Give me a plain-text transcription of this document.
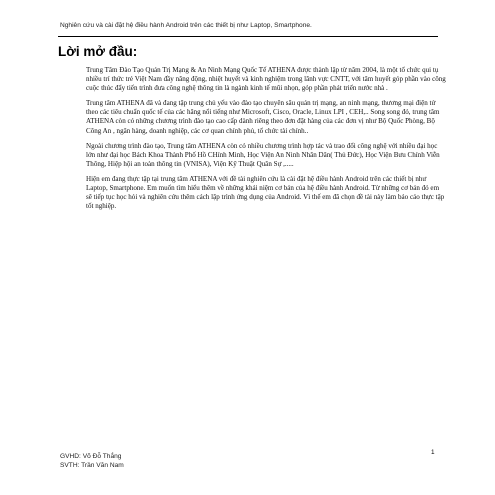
Nghiên cứu và cài đặt hệ điều hành Android trên các thiết bị như Laptop, Smartphone.
Lời mở đầu:

Trung Tâm Đào Tạo Quản Trị Mạng & An Ninh Mạng Quốc Tế ATHENA được thành lập từ năm 2004, là một tổ chức qui tụ nhiều trí thức trẻ Việt Nam đầy năng động, nhiệt huyết và kinh nghiệm trong lãnh vực CNTT, với tâm huyết góp phần vào công cuộc thúc đẩy tiến trình đưa công nghệ thông tin là ngành kinh tế mũi nhọn, góp phần phát triển nước nhà .

Trung tâm ATHENA đã và đang tập trung chủ yếu vào đào tạo chuyên sâu quản trị mạng, an ninh mạng, thương mại điện tử theo các tiêu chuẩn quốc tế của các hãng nổi tiếng như Microsoft, Cisco, Oracle, Linux LPI , CEH,.. Song song đó, trung tâm ATHENA còn có những chương trình đào tạo cao cấp dành riêng theo đơn đặt hàng của các đơn vị như Bộ Quốc Phòng, Bộ Công An , ngân hàng, doanh nghiệp, các cơ quan chính phủ, tổ chức tài chính..

Ngoài chương trình đào tạo, Trung tâm ATHENA còn có nhiều chương trình hợp tác và trao đổi công nghệ với nhiều đại học lớn như đại học Bách Khoa Thành Phố Hồ CHính Minh, Học Viện An Ninh Nhân Dân( Thủ Đức), Học Viện Bưu Chính Viễn Thông, Hiệp hội an toàn thông tin (VNISA), Viện Kỹ Thuật Quân Sự ,.....

Hiện em đang thực tập tại trung tâm ATHENA với đề tài nghiên cứu là cài đặt hệ điều hành Android trên các thiết bị như Laptop, Smartphone. Em muốn tìm hiểu thêm về những khái niệm cơ bản của hệ điều hành Android. Từ những cơ bản đó em sẽ tiếp tục học hỏi và nghiên cứu thêm cách lập trình ứng dụng của Android. Vì thế em đã chọn đề tài này làm báo cáo thực tập tốt nghiệp.

1
GVHD: Võ Đỗ Thắng
SVTH: Trần Văn Nam
